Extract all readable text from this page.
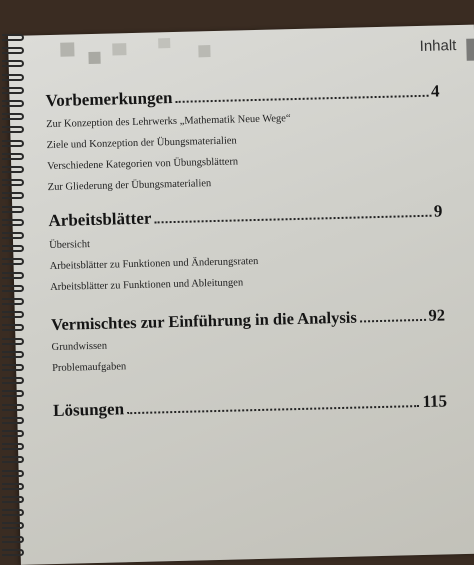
Inhalt
Vorbemerkungen	4
Zur Konzeption des Lehrwerks „Mathematik Neue Wege“
Ziele und Konzeption der Übungsmaterialien
Verschiedene Kategorien von Übungsblättern
Zur Gliederung der Übungsmaterialien
Arbeitsblätter	9
Übersicht
Arbeitsblätter zu Funktionen und Änderungsraten
Arbeitsblätter zu Funktionen und Ableitungen
Vermischtes zur Einführung in die Analysis	92
Grundwissen
Problemaufgaben
Lösungen	115
